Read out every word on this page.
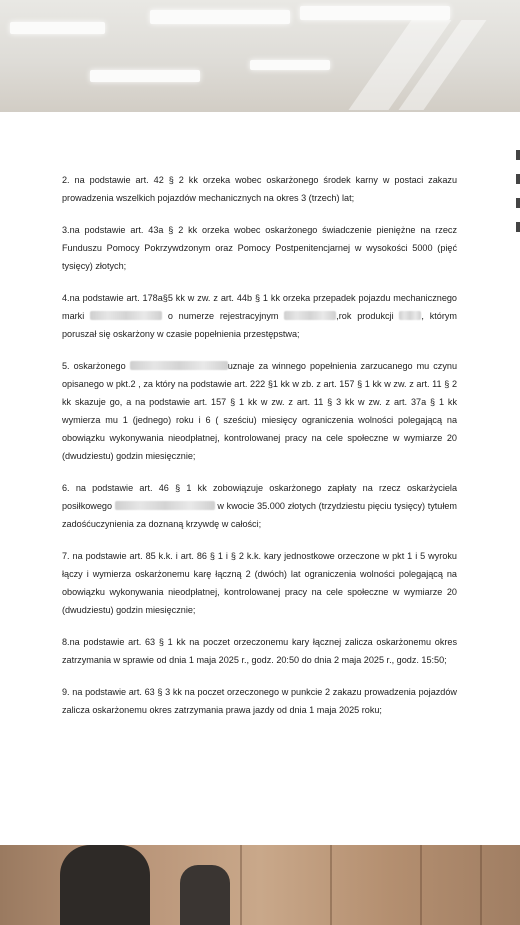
2. na podstawie art. 42 § 2 kk orzeka wobec oskarżonego środek karny w postaci zakazu prowadzenia wszelkich pojazdów mechanicznych na okres 3 (trzech) lat;

3.na podstawie art. 43a § 2 kk orzeka wobec oskarżonego świadczenie pieniężne na rzecz Funduszu Pomocy Pokrzywdzonym oraz Pomocy Postpenitencjarnej w wysokości 5000 (pięć tysięcy) złotych;

4.na podstawie art. 178a§5 kk w zw. z art. 44b § 1 kk orzeka przepadek pojazdu mechanicznego marki	o numerze rejestracyjnym	,rok produkcji , którym poruszał się oskarżony w czasie popełnienia przestępstwa;

5. oskarżonego	uznaje za winnego popełnienia zarzucanego mu czynu opisanego w pkt.2 , za który na podstawie art. 222 §1 kk w zb. z art. 157 § 1 kk w zw. z art. 11 § 2 kk skazuje go, a na podstawie art. 157 § 1 kk w zw. z art. 11 § 3 kk w zw. z art. 37a § 1 kk wymierza mu 1 (jednego) roku i 6 ( sześciu) miesięcy ograniczenia wolności polegającą na obowiązku wykonywania nieodpłatnej, kontrolowanej pracy na cele społeczne w wymiarze 20 (dwudziestu) godzin miesięcznie;

6. na podstawie art. 46 § 1 kk zobowiązuje oskarżonego zapłaty na rzecz oskarżyciela posiłkowego	w kwocie 35.000 złotych (trzydziestu pięciu tysięcy) tytułem zadośćuczynienia za doznaną krzywdę w całości;

7. na podstawie art. 85 k.k. i art. 86 § 1 i § 2 k.k. kary jednostkowe orzeczone w pkt 1 i 5 wyroku łączy i wymierza oskarżonemu karę łączną 2 (dwóch) lat ograniczenia wolności polegającą na obowiązku wykonywania nieodpłatnej, kontrolowanej pracy na cele społeczne w wymiarze 20 (dwudziestu) godzin miesięcznie;

8.na podstawie art. 63 § 1 kk na poczet orzeczonemu kary łącznej zalicza oskarżonemu okres zatrzymania w sprawie od dnia 1 maja 2025 r., godz. 20:50 do dnia 2 maja 2025 r., godz. 15:50;

9. na podstawie art. 63 § 3 kk na poczet orzeczonego w punkcie 2 zakazu prowadzenia pojazdów zalicza oskarżonemu okres zatrzymania prawa jazdy od dnia 1 maja 2025 roku;
